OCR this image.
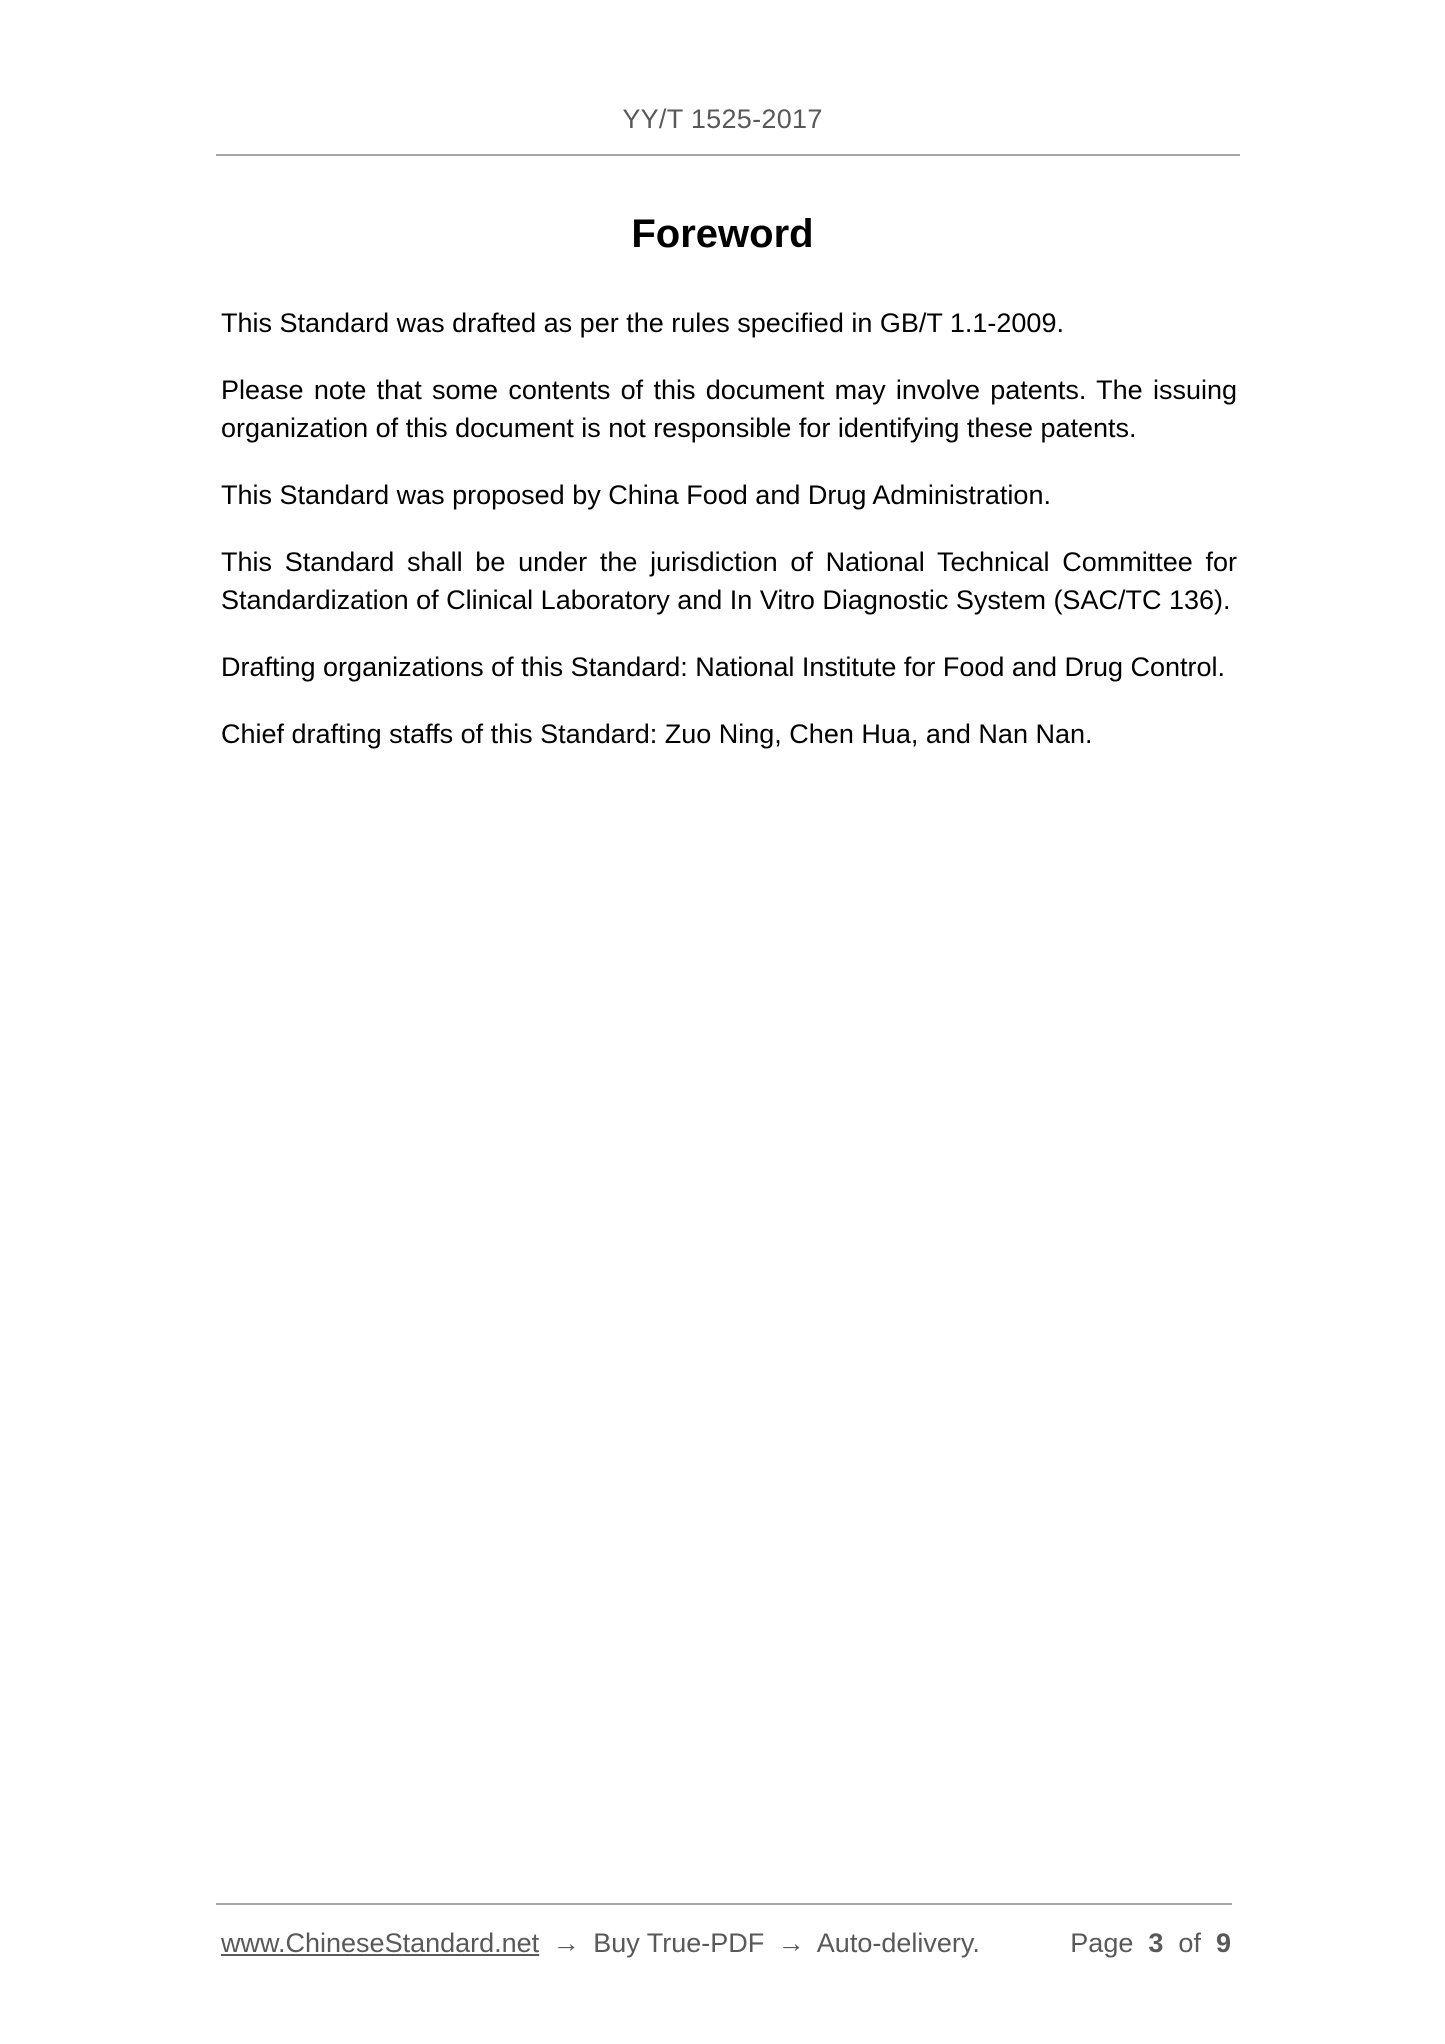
YY/T 1525-2017
Foreword

This Standard was drafted as per the rules specified in GB/T 1.1-2009.

Please note that some contents of this document may involve patents. The issuing organization of this document is not responsible for identifying these patents.

This Standard was proposed by China Food and Drug Administration.

This Standard shall be under the jurisdiction of National Technical Committee for Standardization of Clinical Laboratory and In Vitro Diagnostic System (SAC/TC 136).

Drafting organizations of this Standard: National Institute for Food and Drug Control.

Chief drafting staffs of this Standard: Zuo Ning, Chen Hua, and Nan Nan.

www.ChineseStandard.net → Buy True-PDF → Auto-delivery.	Page 3 of 9
